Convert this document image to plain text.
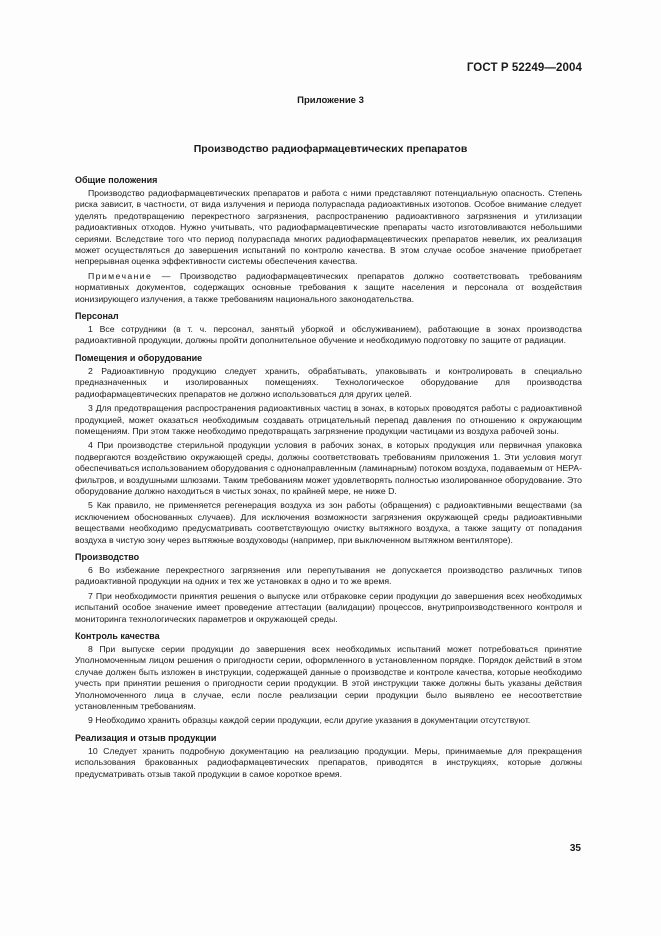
ГОСТ Р 52249—2004
Приложение 3
Производство радиофармацевтических препаратов
Общие положения

Производство радиофармацевтических препаратов и работа с ними представляют потенциальную опасность. Степень риска зависит, в частности, от вида излучения и периода полураспада радиоактивных изотопов. Особое внимание следует уделять предотвращению перекрестного загрязнения, распространению радиоактивного загрязнения и утилизации радиоактивных отходов. Нужно учитывать, что радиофармацевтические препараты часто изготовливаются небольшими сериями. Вследствие того что период полураспада многих радиофармацевтических препаратов невелик, их реализация может осуществляться до завершения испытаний по контролю качества. В этом случае особое значение приобретает непрерывная оценка эффективности системы обеспечения качества.

Примечание — Производство радиофармацевтических препаратов должно соответствовать требованиям нормативных документов, содержащих основные требования к защите населения и персонала от воздействия ионизирующего излучения, а также требованиям национального законодательства.

Персонал

1 Все сотрудники (в т. ч. персонал, занятый уборкой и обслуживанием), работающие в зонах производства радиоактивной продукции, должны пройти дополнительное обучение и необходимую подготовку по защите от радиации.

Помещения и оборудование

2 Радиоактивную продукцию следует хранить, обрабатывать, упаковывать и контролировать в специально предназначенных и изолированных помещениях. Технологическое оборудование для производства радиофармацевтических препаратов не должно использоваться для других целей.

3 Для предотвращения распространения радиоактивных частиц в зонах, в которых проводятся работы с радиоактивной продукцией, может оказаться необходимым создавать отрицательный перепад давления по отношению к окружающим помещениям. При этом также необходимо предотвращать загрязнение продукции частицами из воздуха рабочей зоны.

4 При производстве стерильной продукции условия в рабочих зонах, в которых продукция или первичная упаковка подвергаются воздействию окружающей среды, должны соответствовать требованиям приложения 1. Эти условия могут обеспечиваться использованием оборудования с однонаправленным (ламинарным) потоком воздуха, подаваемым от HEPA-фильтров, и воздушными шлюзами. Таким требованиям может удовлетворять полностью изолированное оборудование. Это оборудование должно находиться в чистых зонах, по крайней мере, не ниже D.

5 Как правило, не применяется регенерация воздуха из зон работы (обращения) с радиоактивными веществами (за исключением обоснованных случаев). Для исключения возможности загрязнения окружающей среды радиоактивными веществами необходимо предусматривать соответствующую очистку вытяжного воздуха, а также защиту от попадания воздуха в чистую зону через вытяжные воздуховоды (например, при выключенном вытяжном вентиляторе).

Производство

6 Во избежание перекрестного загрязнения или перепутывания не допускается производство различных типов радиоактивной продукции на одних и тех же установках в одно и то же время.

7 При необходимости принятия решения о выпуске или отбраковке серии продукции до завершения всех необходимых испытаний особое значение имеет проведение аттестации (валидации) процессов, внутрипроизводственного контроля и мониторинга технологических параметров и окружающей среды.

Контроль качества

8 При выпуске серии продукции до завершения всех необходимых испытаний может потребоваться принятие Уполномоченным лицом решения о пригодности серии, оформленного в установленном порядке. Порядок действий в этом случае должен быть изложен в инструкции, содержащей данные о производстве и контроле качества, которые необходимо учесть при принятии решения о пригодности серии продукции. В этой инструкции также должны быть указаны действия Уполномоченного лица в случае, если после реализации серии продукции было выявлено ее несоответствие установленным требованиям.

9 Необходимо хранить образцы каждой серии продукции, если другие указания в документации отсутствуют.

Реализация и отзыв продукции

10 Следует хранить подробную документацию на реализацию продукции. Меры, принимаемые для прекращения использования бракованных радиофармацевтических препаратов, приводятся в инструкциях, которые должны предусматривать отзыв такой продукции в самое короткое время.

35
